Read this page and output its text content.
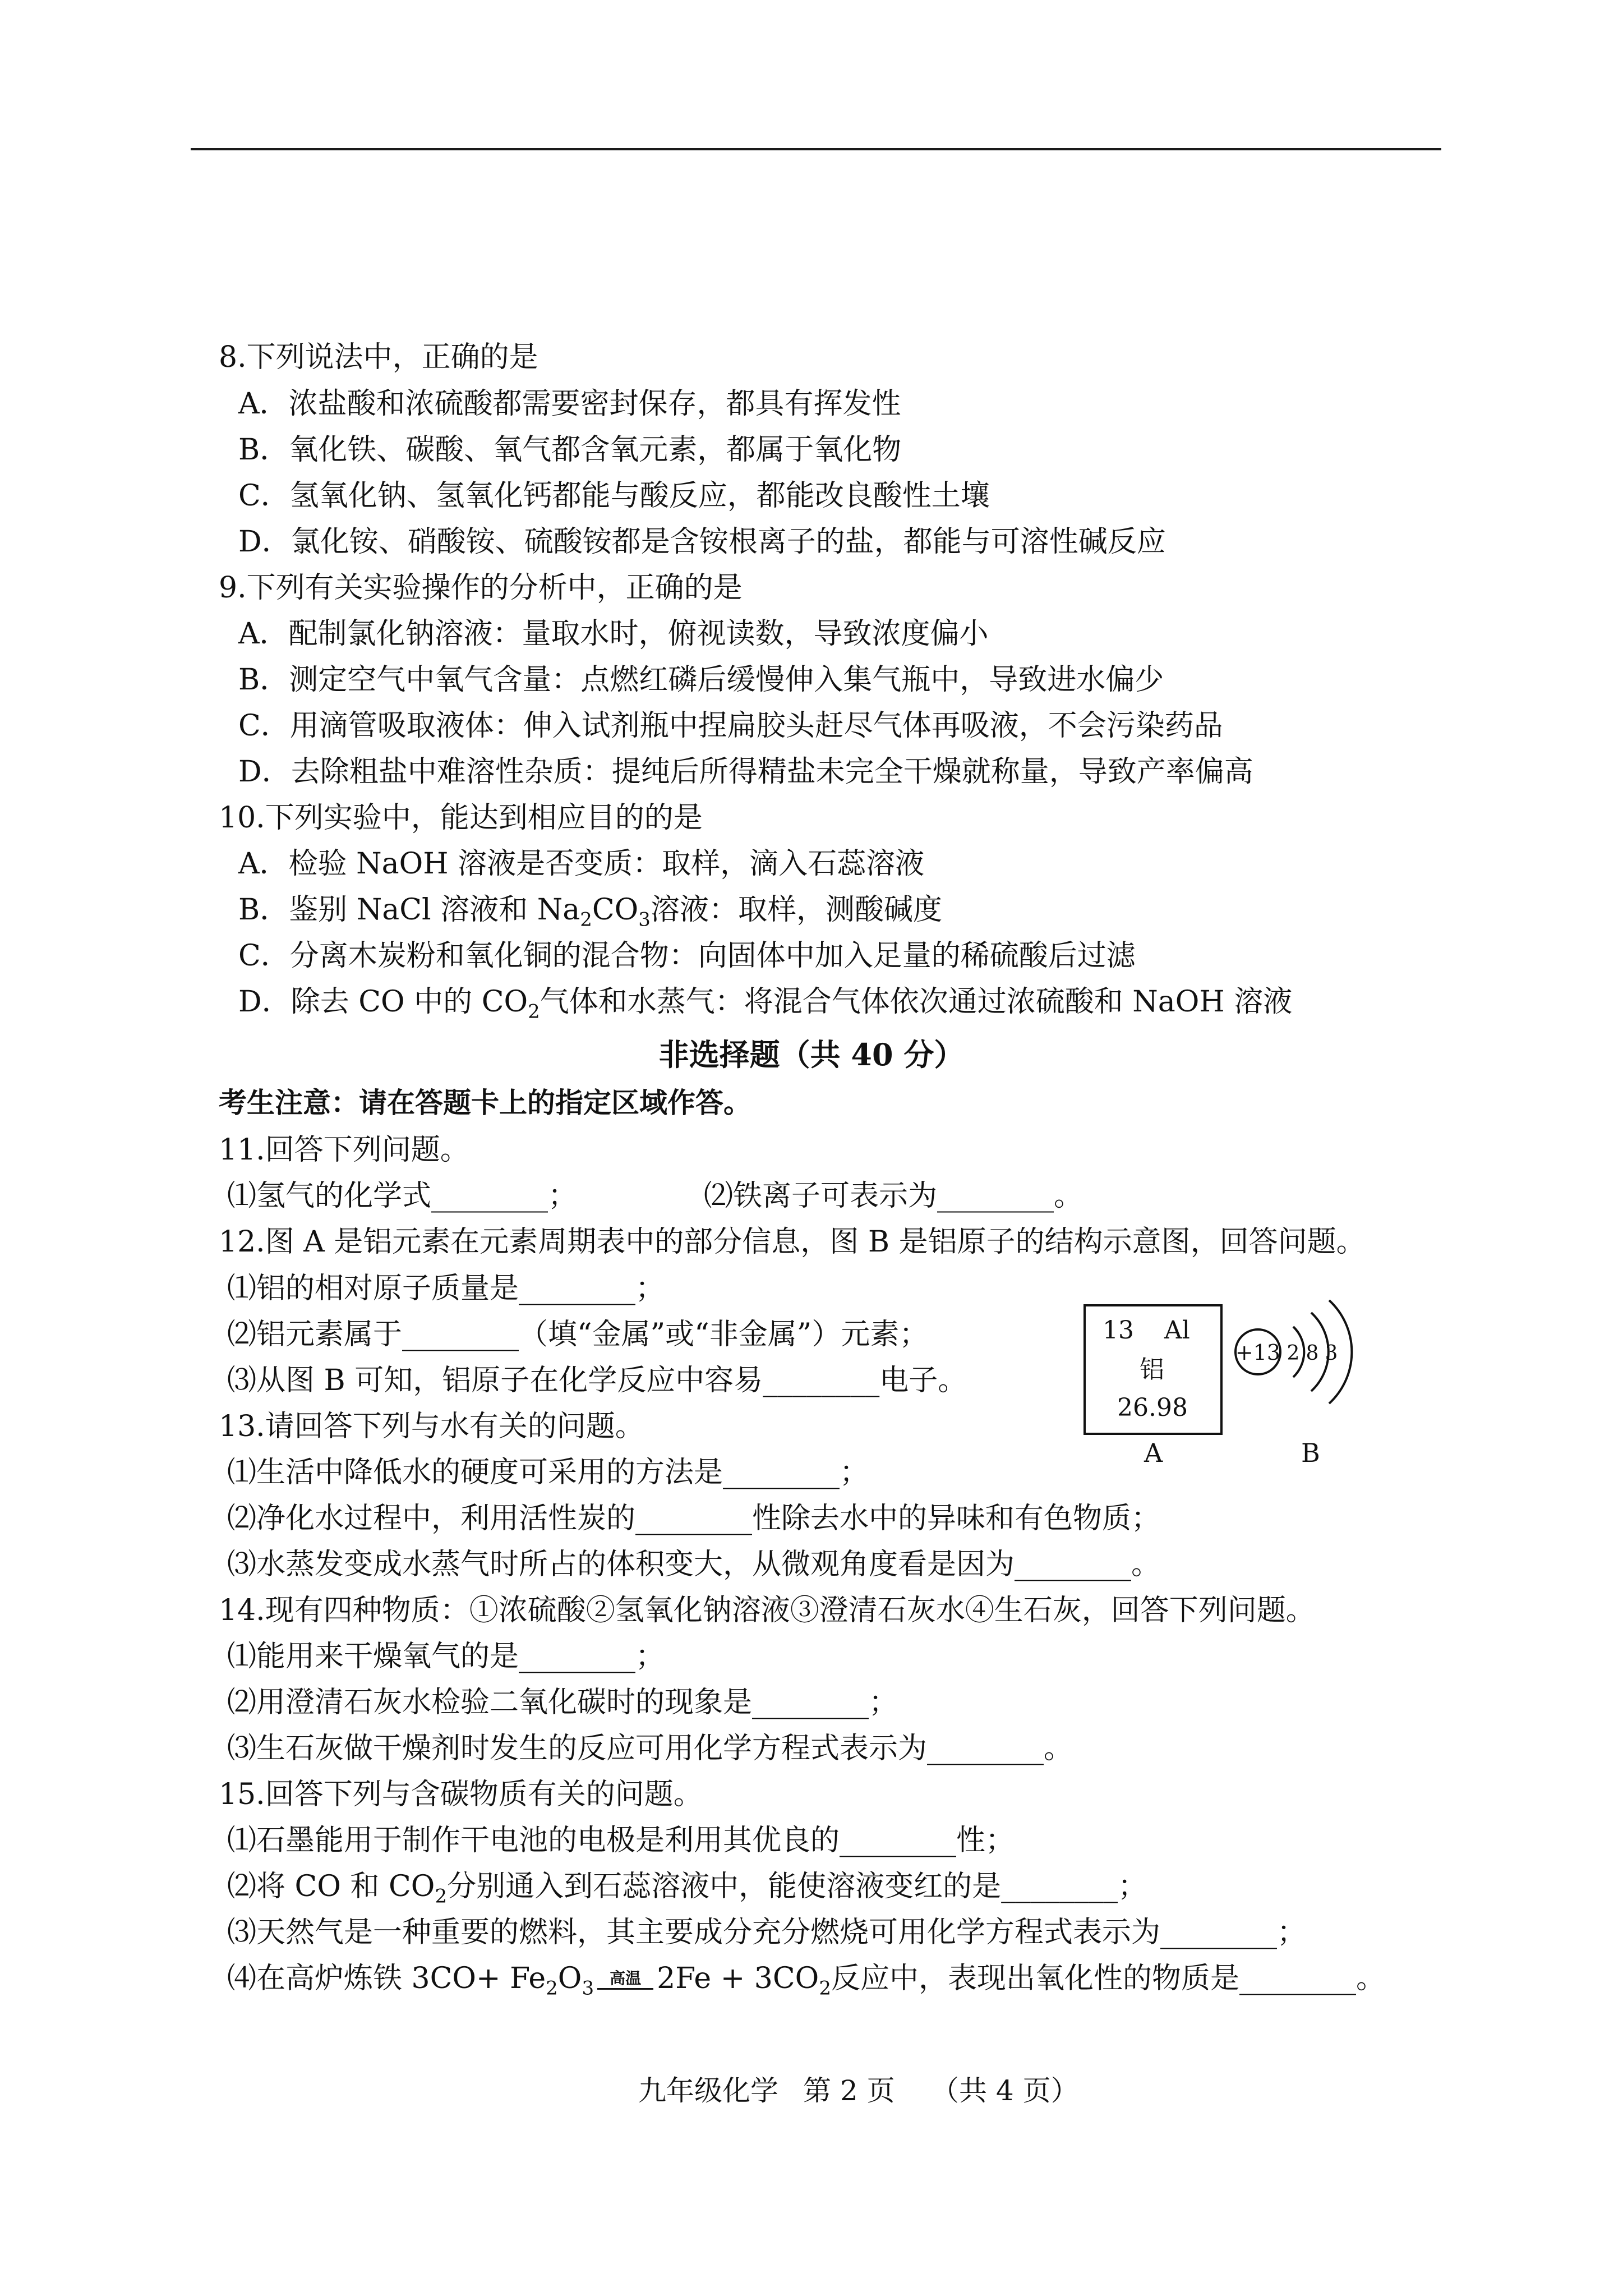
8.下列说法中，正确的是
A．浓盐酸和浓硫酸都需要密封保存，都具有挥发性
B．氧化铁、碳酸、氧气都含氧元素，都属于氧化物
C．氢氧化钠、氢氧化钙都能与酸反应，都能改良酸性土壤
D．氯化铵、硝酸铵、硫酸铵都是含铵根离子的盐，都能与可溶性碱反应
9.下列有关实验操作的分析中，正确的是
A．配制氯化钠溶液：量取水时，俯视读数，导致浓度偏小
B．测定空气中氧气含量：点燃红磷后缓慢伸入集气瓶中，导致进水偏少
C．用滴管吸取液体：伸入试剂瓶中捏扁胶头赶尽气体再吸液，不会污染药品
D．去除粗盐中难溶性杂质：提纯后所得精盐未完全干燥就称量，导致产率偏高
10.下列实验中，能达到相应目的的是
A．检验 NaOH 溶液是否变质：取样，滴入石蕊溶液
B．鉴别 NaCl 溶液和 $Na_2CO_3$溶液：取样，测酸碱度
C．分离木炭粉和氧化铜的混合物：向固体中加入足量的稀硫酸后过滤
D．除去 CO 中的 $CO_2$气体和水蒸气：将混合气体依次通过浓硫酸和 NaOH 溶液
非选择题（共 40 分）
考生注意：请在答题卡上的指定区域作答。
11.回答下列问题。
⑴氢气的化学式________；	⑵铁离子可表示为________。
12.图 A 是铝元素在元素周期表中的部分信息，图 B 是铝原子的结构示意图，回答问题。
⑴铝的相对原子质量是________；
⑵铝元素属于________（填“金属”或“非金属”）元素；
⑶从图 B 可知，铝原子在化学反应中容易________电子。
13 Al
铝
26.98
A
+13 2 8 3
B
13.请回答下列与水有关的问题。
⑴生活中降低水的硬度可采用的方法是________；
⑵净化水过程中，利用活性炭的________性除去水中的异味和有色物质；
⑶水蒸发变成水蒸气时所占的体积变大，从微观角度看是因为________。
14.现有四种物质：①浓硫酸②氢氧化钠溶液③澄清石灰水④生石灰，回答下列问题。
⑴能用来干燥氧气的是________；
⑵用澄清石灰水检验二氧化碳时的现象是________；
⑶生石灰做干燥剂时发生的反应可用化学方程式表示为________。
15.回答下列与含碳物质有关的问题。
⑴石墨能用于制作干电池的电极是利用其优良的________性；
⑵将 CO 和 $CO_2$分别通入到石蕊溶液中，能使溶液变红的是________；
⑶天然气是一种重要的燃料，其主要成分充分燃烧可用化学方程式表示为________；
⑷在高炉炼铁 $3CO+ Fe_2O_3$ 高温 $2Fe + 3CO_2$反应中，表现出氧化性的物质是________。
九年级化学 第 2 页 （共 4 页）
